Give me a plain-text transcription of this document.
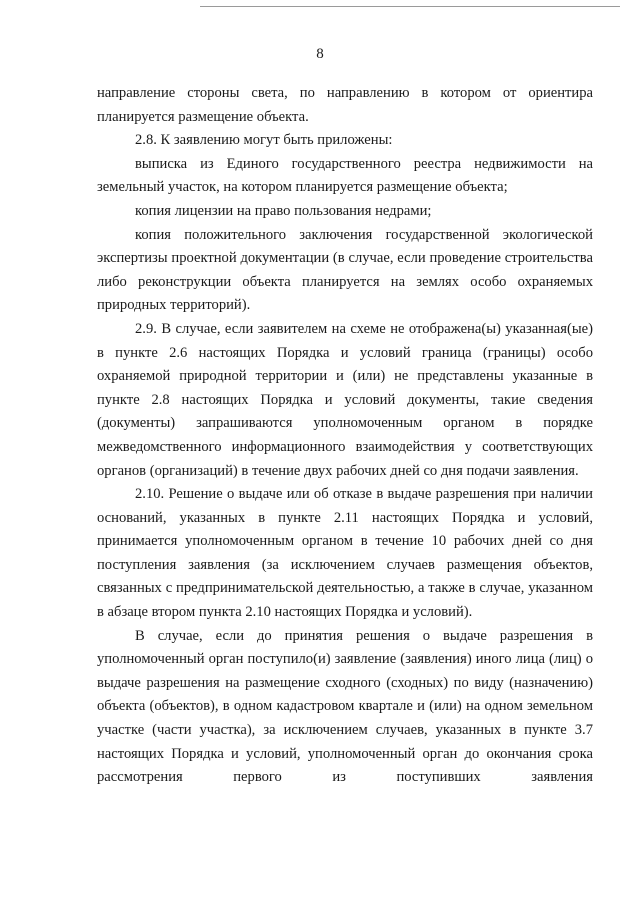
8

направление стороны света, по направлению в котором от ориентира планируется размещение объекта.

2.8. К заявлению могут быть приложены:

выписка из Единого государственного реестра недвижимости на земельный участок, на котором планируется размещение объекта;

копия лицензии на право пользования недрами;

копия положительного заключения государственной экологической экспертизы проектной документации (в случае, если проведение строительства либо реконструкции объекта планируется на землях особо охраняемых природных территорий).

2.9. В случае, если заявителем на схеме не отображена(ы) указанная(ые) в пункте 2.6 настоящих Порядка и условий граница (границы) особо охраняемой природной территории и (или) не представлены указанные в пункте 2.8 настоящих Порядка и условий документы, такие сведения (документы) запрашиваются уполномоченным органом в порядке межведомственного информационного взаимодействия у соответствующих органов (организаций) в течение двух рабочих дней со дня подачи заявления.

2.10. Решение о выдаче или об отказе в выдаче разрешения при наличии оснований, указанных в пункте 2.11 настоящих Порядка и условий, принимается уполномоченным органом в течение 10 рабочих дней со дня поступления заявления (за исключением случаев размещения объектов, связанных с предпринимательской деятельностью, а также в случае, указанном в абзаце втором пункта 2.10 настоящих Порядка и условий).

В случае, если до принятия решения о выдаче разрешения в уполномоченный орган поступило(и) заявление (заявления) иного лица (лиц) о выдаче разрешения на размещение сходного (сходных) по виду (назначению) объекта (объектов), в одном кадастровом квартале и (или) на одном земельном участке (части участка), за исключением случаев, указанных в пункте 3.7 настоящих Порядка и условий, уполномоченный орган до окончания срока рассмотрения первого из поступивших заявления
